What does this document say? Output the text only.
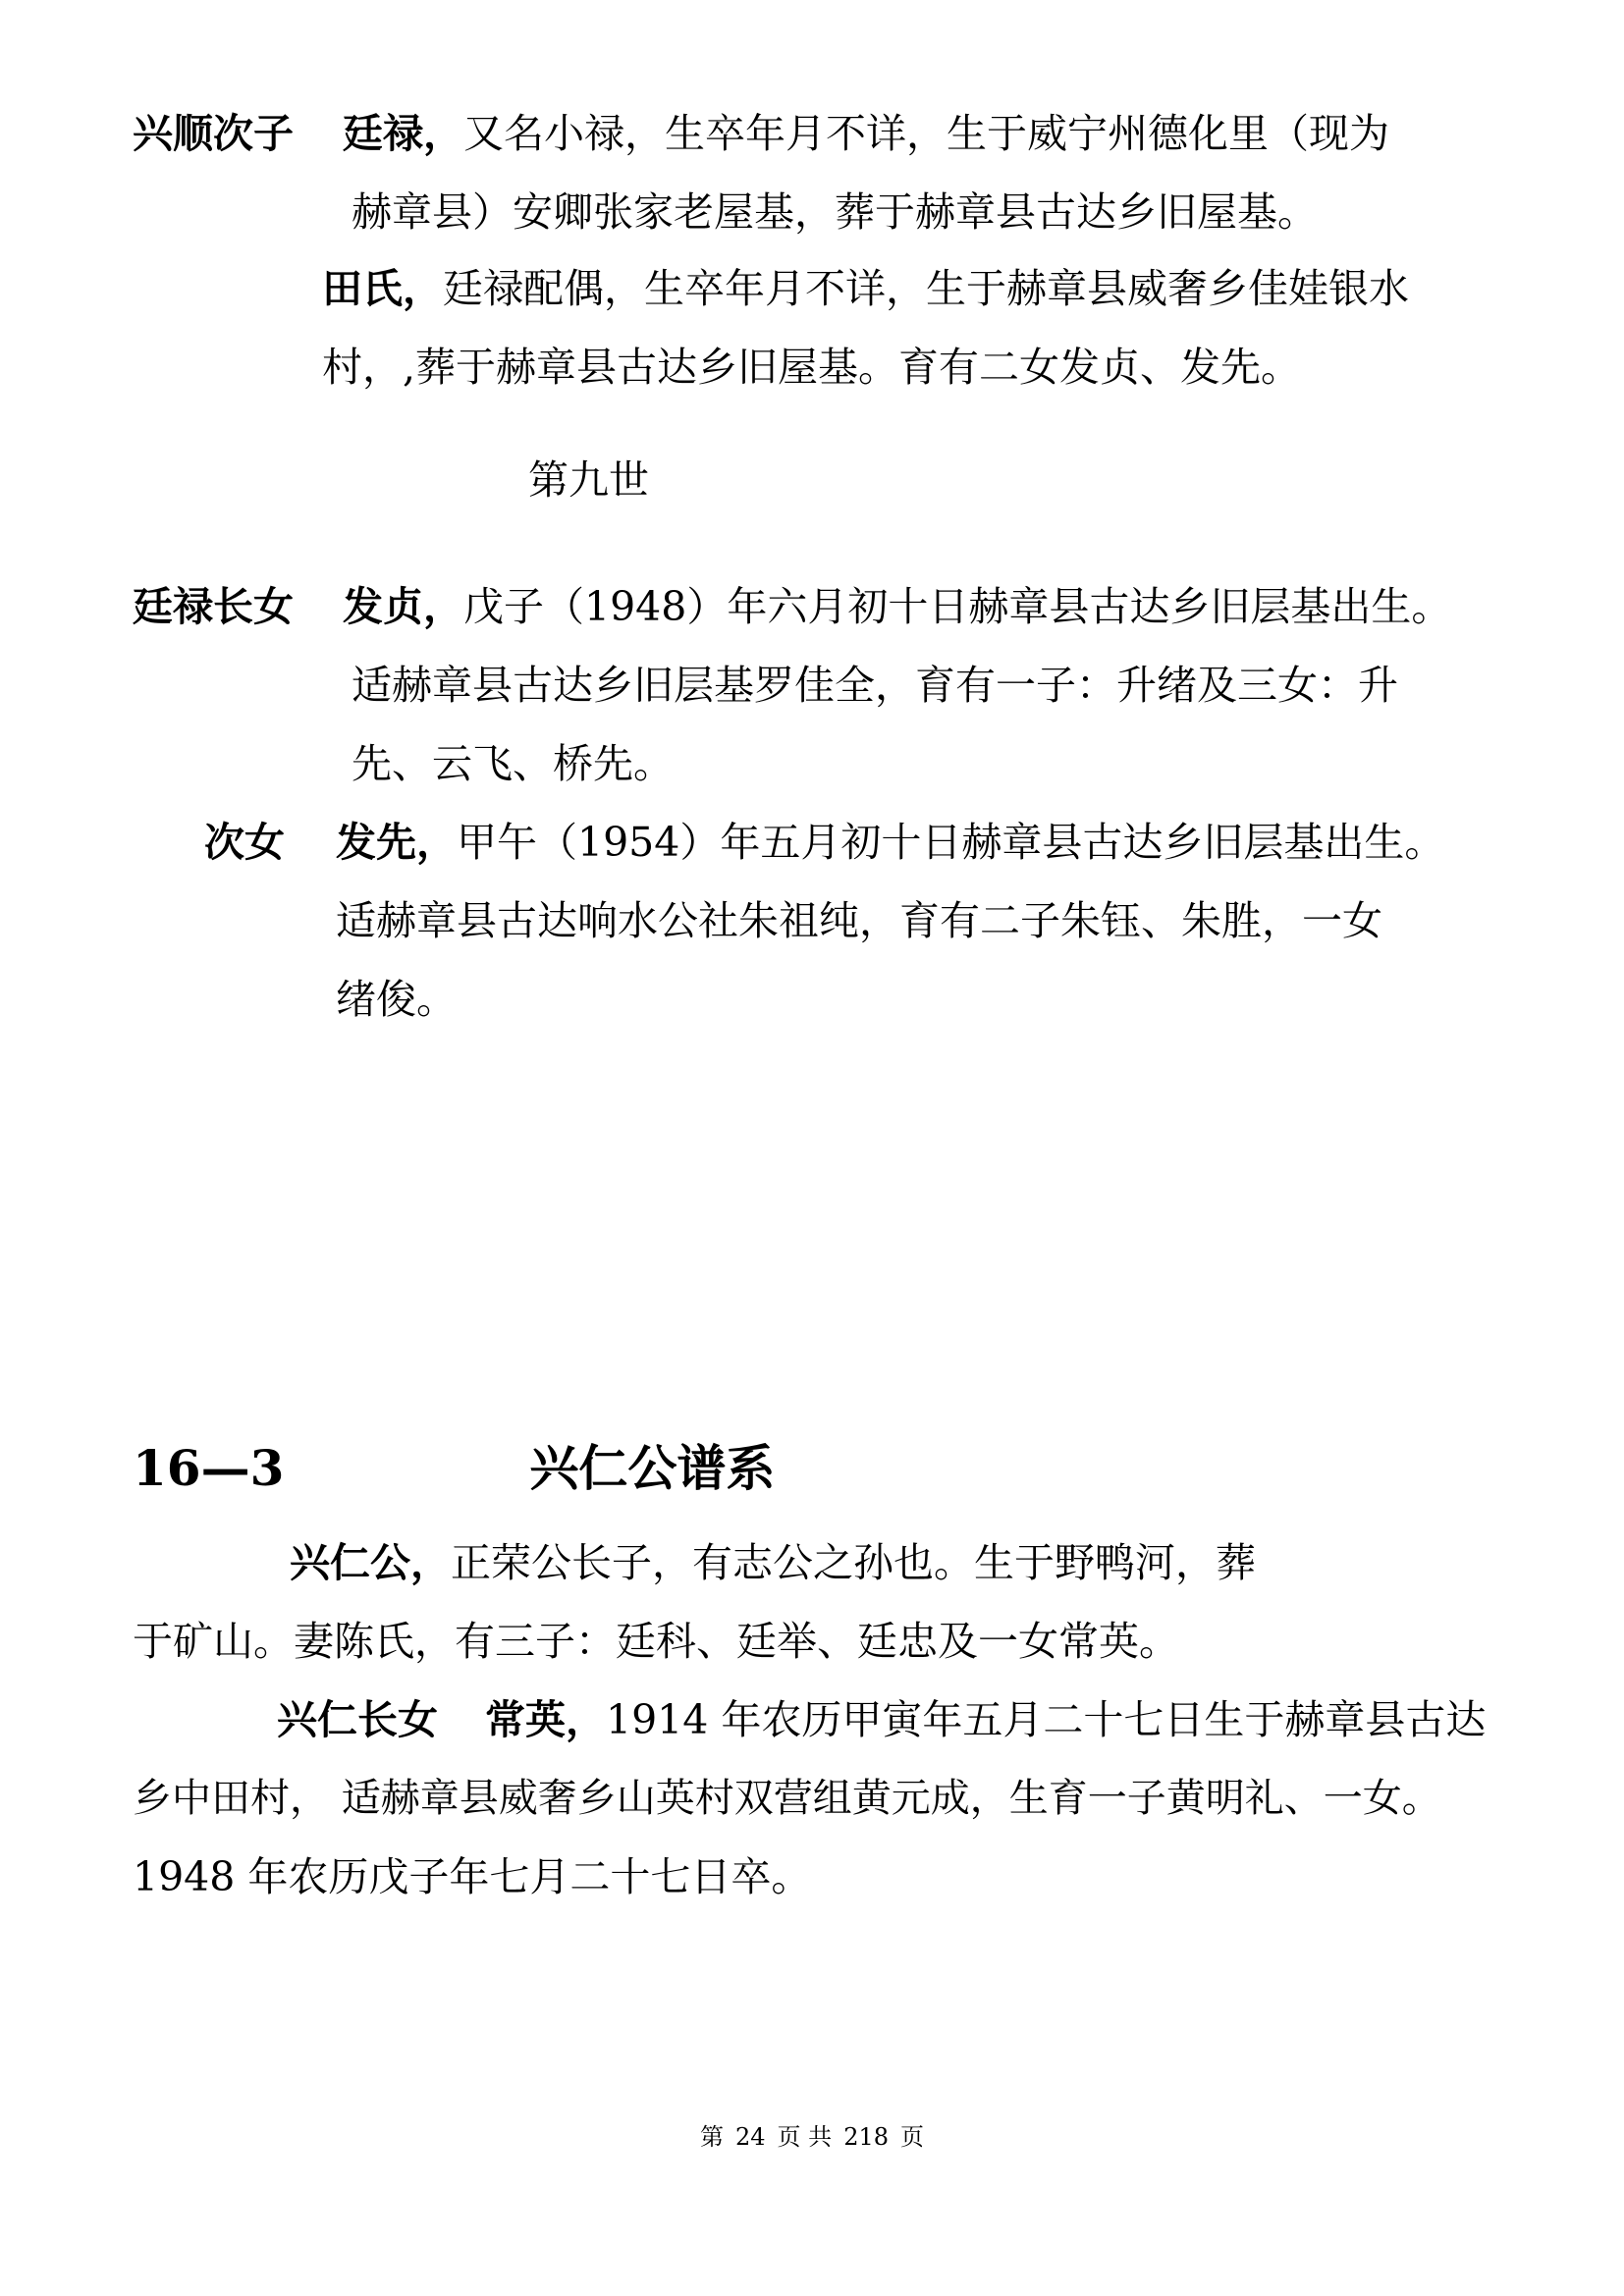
兴顺次子 廷禄，又名小禄，生卒年月不详，生于威宁州德化里（现为
赫章县）安卿张家老屋基，葬于赫章县古达乡旧屋基。
田氏，廷禄配偶，生卒年月不详，生于赫章县威奢乡佳娃银水
村，,葬于赫章县古达乡旧屋基。育有二女发贞、发先。
第九世
廷禄长女 发贞，戊子（1948）年六月初十日赫章县古达乡旧层基出生。
适赫章县古达乡旧层基罗佳全，育有一子：升绪及三女：升
先、云飞、桥先。
次女 发先，甲午（1954）年五月初十日赫章县古达乡旧层基出生。
适赫章县古达响水公社朱祖纯，育有二子朱钰、朱胜，一女
绪俊。
16—3	兴仁公谱系
兴仁公，正荣公长子，有志公之孙也。生于野鸭河，葬
于矿山。妻陈氏，有三子：廷科、廷举、廷忠及一女常英。
兴仁长女 常英，1914 年农历甲寅年五月二十七日生于赫章县古达
乡中田村， 适赫章县威奢乡山英村双营组黄元成，生育一子黄明礼、一女。
1948 年农历戊子年七月二十七日卒。
第 24 页 共 218 页
